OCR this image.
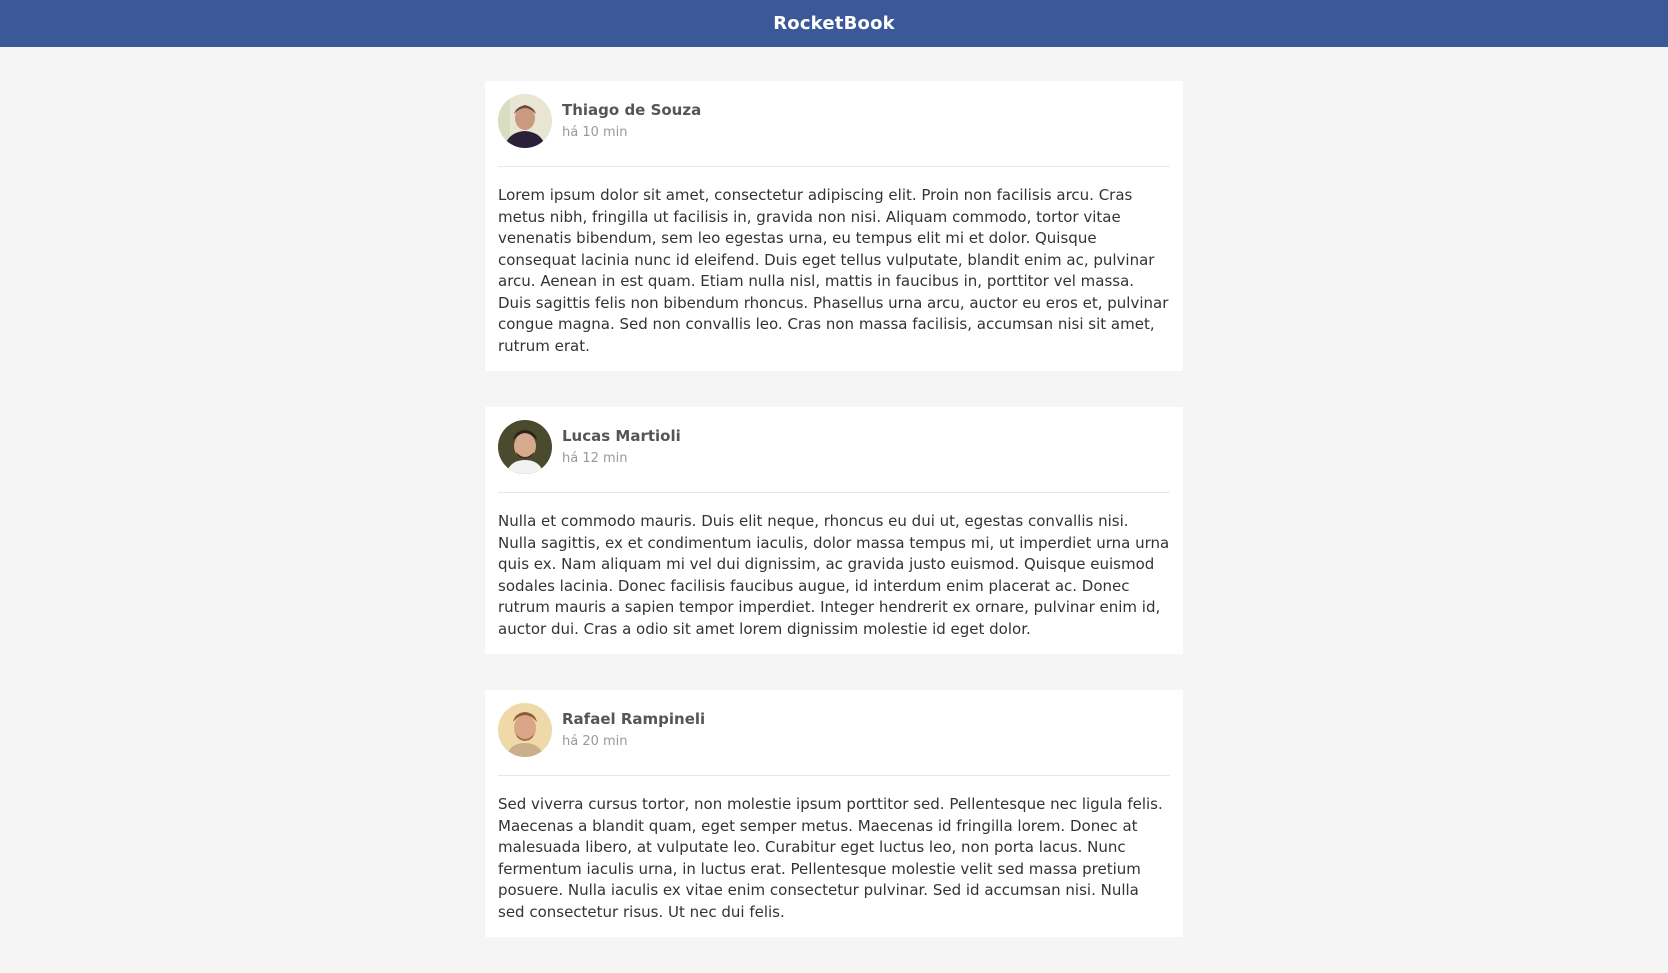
RocketBook
Thiago de Souza
há 10 min

Lorem ipsum dolor sit amet, consectetur adipiscing elit. Proin non facilisis arcu. Cras metus nibh, fringilla ut facilisis in, gravida non nisi. Aliquam commodo, tortor vitae venenatis bibendum, sem leo egestas urna, eu tempus elit mi et dolor. Quisque consequat lacinia nunc id eleifend. Duis eget tellus vulputate, blandit enim ac, pulvinar arcu. Aenean in est quam. Etiam nulla nisl, mattis in faucibus in, porttitor vel massa. Duis sagittis felis non bibendum rhoncus. Phasellus urna arcu, auctor eu eros et, pulvinar congue magna. Sed non convallis leo. Cras non massa facilisis, accumsan nisi sit amet, rutrum erat.

Lucas Martioli
há 12 min

Nulla et commodo mauris. Duis elit neque, rhoncus eu dui ut, egestas convallis nisi. Nulla sagittis, ex et condimentum iaculis, dolor massa tempus mi, ut imperdiet urna urna quis ex. Nam aliquam mi vel dui dignissim, ac gravida justo euismod. Quisque euismod sodales lacinia. Donec facilisis faucibus augue, id interdum enim placerat ac. Donec rutrum mauris a sapien tempor imperdiet. Integer hendrerit ex ornare, pulvinar enim id, auctor dui. Cras a odio sit amet lorem dignissim molestie id eget dolor.

Rafael Rampineli
há 20 min

Sed viverra cursus tortor, non molestie ipsum porttitor sed. Pellentesque nec ligula felis. Maecenas a blandit quam, eget semper metus. Maecenas id fringilla lorem. Donec at malesuada libero, at vulputate leo. Curabitur eget luctus leo, non porta lacus. Nunc fermentum iaculis urna, in luctus erat. Pellentesque molestie velit sed massa pretium posuere. Nulla iaculis ex vitae enim consectetur pulvinar. Sed id accumsan nisi. Nulla sed consectetur risus. Ut nec dui felis.
